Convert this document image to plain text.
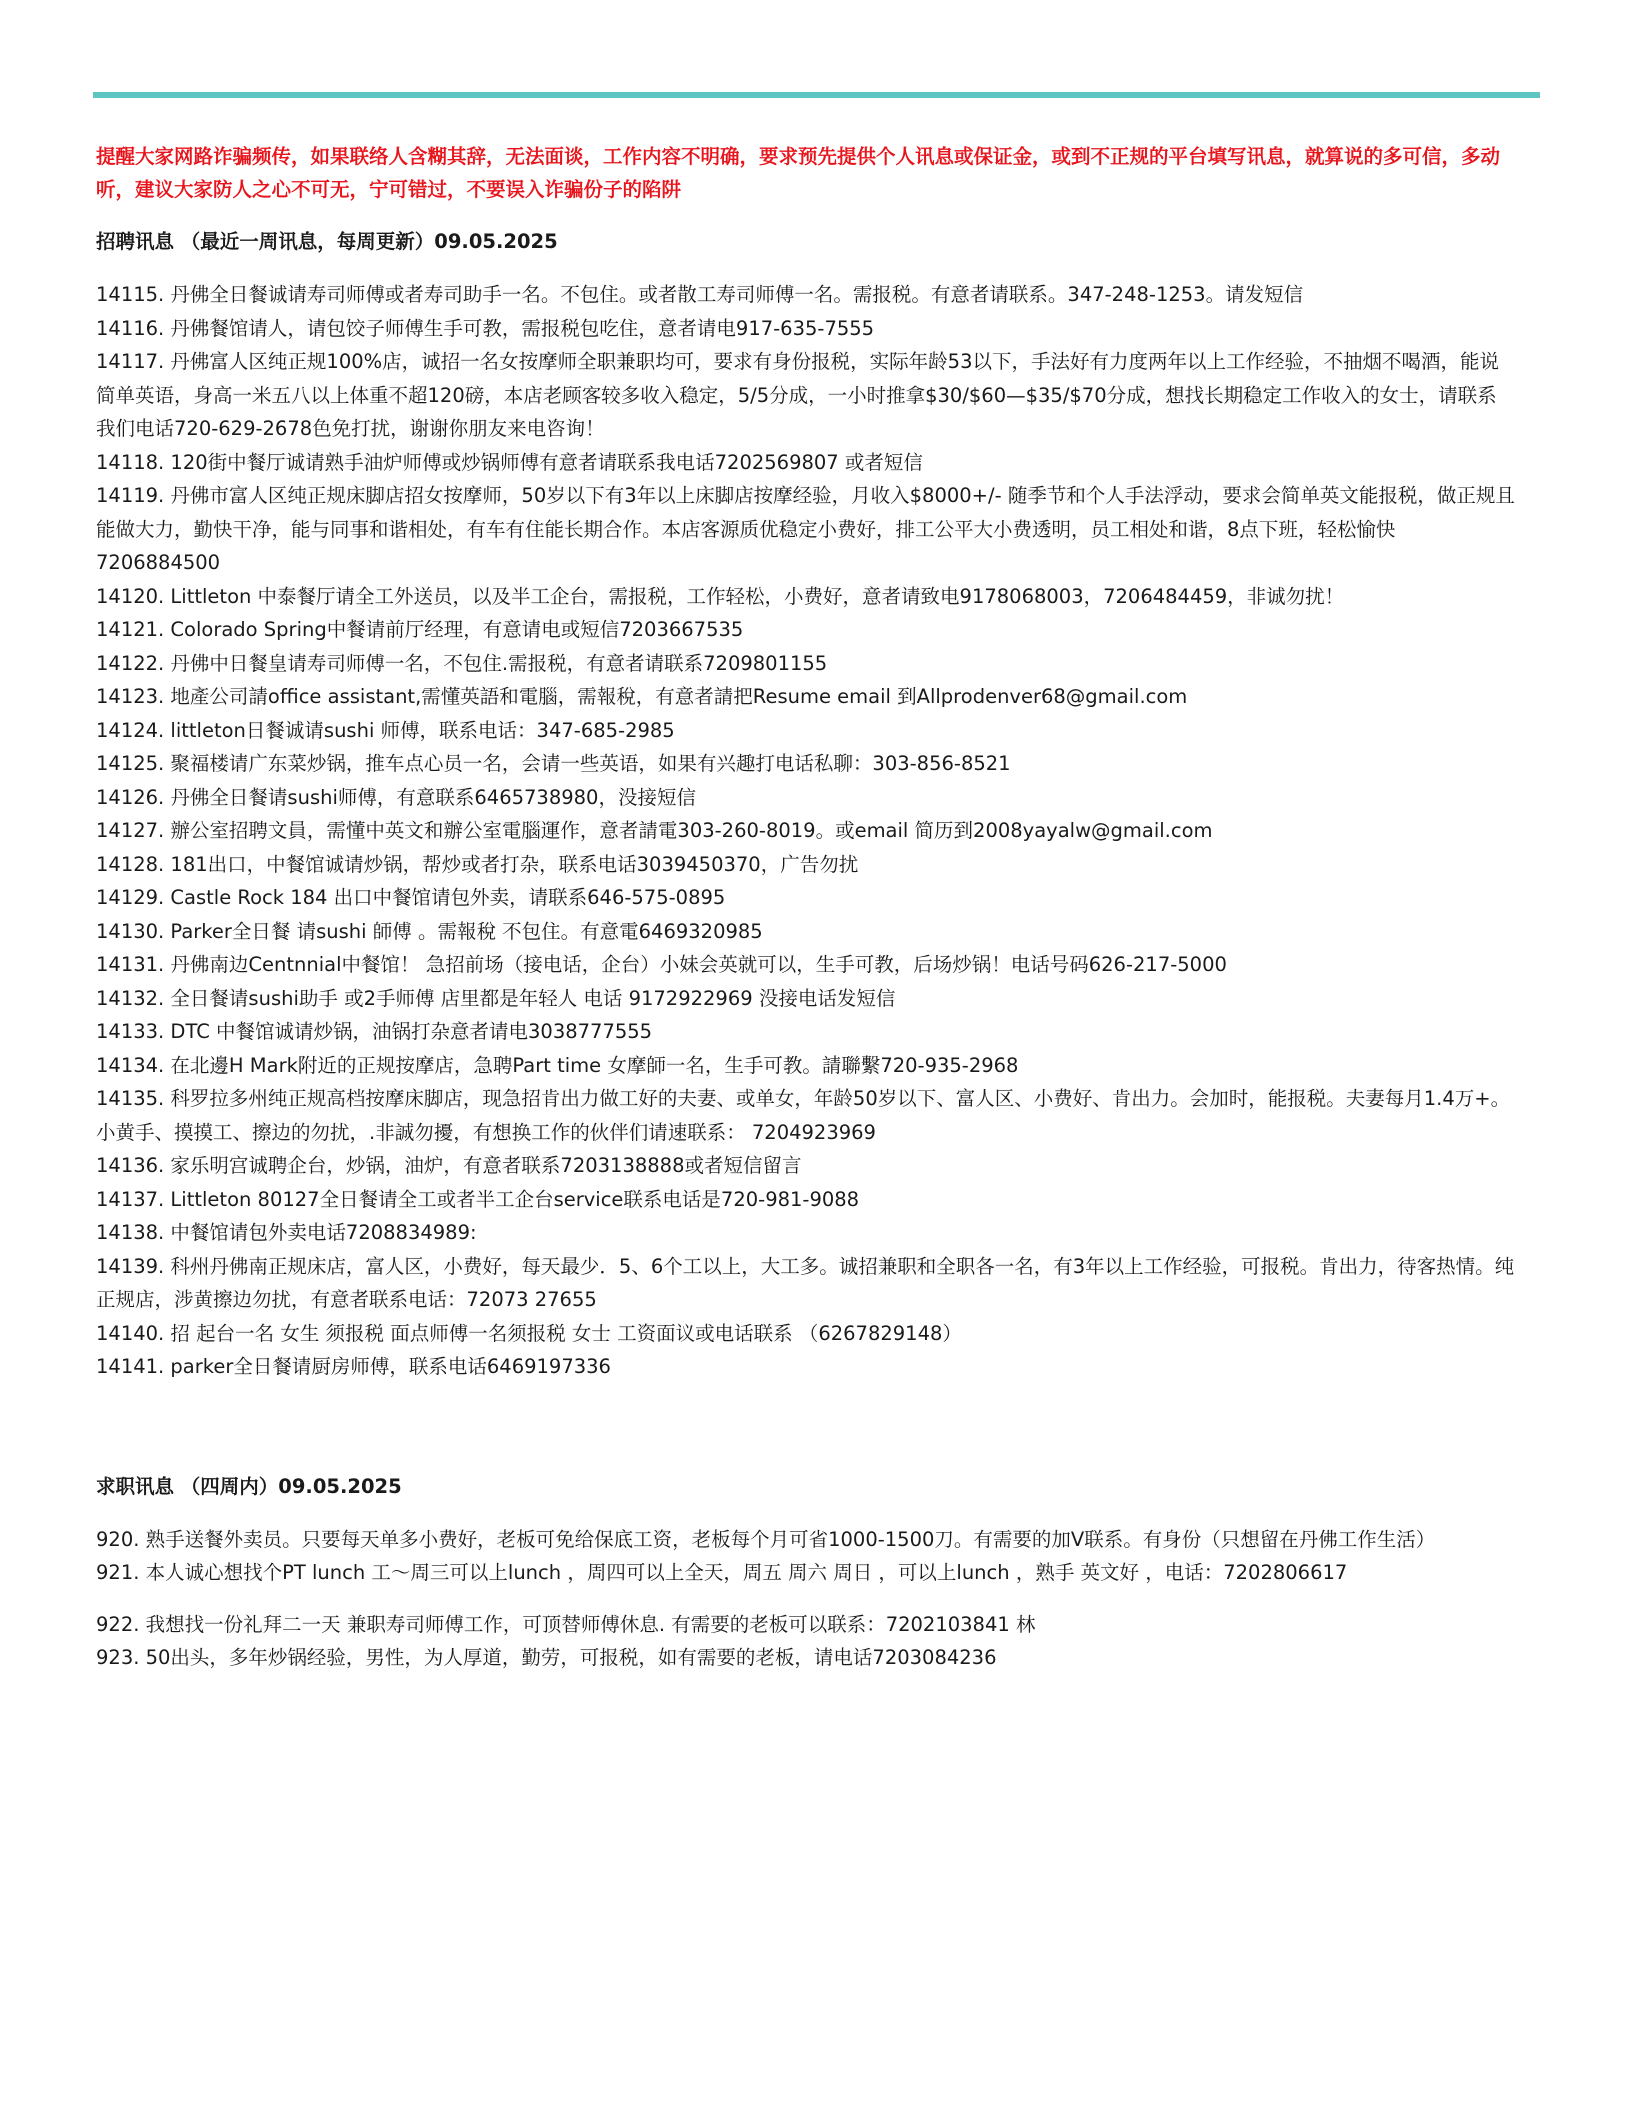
提醒大家网路诈骗频传，如果联络人含糊其辞，无法面谈，工作内容不明确，要求预先提供个人讯息或保证金，或到不正规的平台填写讯息，就算说的多可信，多动听，建议大家防人之心不可无，宁可错过，不要误入诈骗份子的陷阱

招聘讯息 （最近一周讯息，每周更新）09.05.2025
14115. 丹佛全日餐诚请寿司师傅或者寿司助手一名。不包住。或者散工寿司师傅一名。需报税。有意者请联系。347-248-1253。请发短信
14116. 丹佛餐馆请人，请包饺子师傅生手可教，需报税包吃住，意者请电917-635-7555
14117. 丹佛富人区纯正规100%店，诚招一名女按摩师全职兼职均可，要求有身份报税，实际年龄53以下，手法好有力度两年以上工作经验，不抽烟不喝酒，能说简单英语，身高一米五八以上体重不超120磅，本店老顾客较多收入稳定，5/5分成，一小时推拿$30/$60—$35/$70分成，想找长期稳定工作收入的女士，请联系我们电话720-629-2678色免打扰，谢谢你朋友来电咨询！
14118. 120街中餐厅诚请熟手油炉师傅或炒锅师傅有意者请联系我电话7202569807 或者短信
14119. 丹佛市富人区纯正规床脚店招女按摩师，50岁以下有3年以上床脚店按摩经验，月收入$8000+/- 随季节和个人手法浮动，要求会简单英文能报税，做正规且能做大力，勤快干净，能与同事和谐相处，有车有住能长期合作。本店客源质优稳定小费好，排工公平大小费透明，员工相处和谐，8点下班，轻松愉快7206884500
14120. Littleton 中泰餐厅请全工外送员，以及半工企台，需报税，工作轻松，小费好，意者请致电9178068003，7206484459，非诚勿扰！
14121. Colorado Spring中餐请前厅经理，有意请电或短信7203667535
14122. 丹佛中日餐皇请寿司师傅一名，不包住.需报税，有意者请联系7209801155
14123. 地產公司請office assistant,需懂英語和電腦，需報稅，有意者請把Resume email 到Allprodenver68@gmail.com
14124. littleton日餐诚请sushi 师傅，联系电话：347-685-2985
14125. 聚福楼请广东菜炒锅，推车点心员一名，会请一些英语，如果有兴趣打电话私聊：303-856-8521
14126. 丹佛全日餐请sushi师傅，有意联系6465738980，没接短信
14127. 辦公室招聘文員，需懂中英文和辦公室電腦運作，意者請電303-260-8019。或email 简历到2008yayalw@gmail.com
14128. 181出口，中餐馆诚请炒锅，帮炒或者打杂，联系电话3039450370，广告勿扰
14129. Castle Rock 184 出口中餐馆请包外卖，请联系646-575-0895
14130. Parker全日餐 请sushi 師傅 。需報稅 不包住。有意電6469320985
14131. 丹佛南边Centnnial中餐馆！ 急招前场（接电话，企台）小妹会英就可以，生手可教，后场炒锅！电话号码626-217-5000
14132. 全日餐请sushi助手 或2手师傅 店里都是年轻人 电话 9172922969 没接电话发短信
14133. DTC 中餐馆诚请炒锅，油锅打杂意者请电3038777555
14134. 在北邊H Mark附近的正规按摩店，急聘Part time 女摩師一名，生手可教。請聯繫720-935-2968
14135. 科罗拉多州纯正规高档按摩床脚店，现急招肯出力做工好的夫妻、或单女，年龄50岁以下、富人区、小费好、肯出力。会加时，能报税。夫妻每月1.4万+。小黄手、摸摸工、擦边的勿扰，.非誠勿擾，有想换工作的伙伴们请速联系： 7204923969
14136. 家乐明宫诚聘企台，炒锅，油炉，有意者联系7203138888或者短信留言
14137. Littleton 80127全日餐请全工或者半工企台service联系电话是720-981-9088
14138. 中餐馆请包外卖电话7208834989:
14139. 科州丹佛南正规床店，富人区，小费好，每天最少．5、6个工以上，大工多。诚招兼职和全职各一名，有3年以上工作经验，可报税。肯出力，待客热情。纯正规店，涉黄擦边勿扰，有意者联系电话：72073 27655
14140. 招 起台一名 女生 须报税 面点师傅一名须报税 女士 工资面议或电话联系 （6267829148）
14141. parker全日餐请厨房师傅，联系电话6469197336
求职讯息 （四周内）09.05.2025
920. 熟手送餐外卖员。只要每天单多小费好，老板可免给保底工资，老板每个月可省1000-1500刀。有需要的加V联系。有身份（只想留在丹佛工作生活）
921. 本人诚心想找个PT lunch 工～周三可以上lunch ，周四可以上全天，周五 周六 周日 ，可以上lunch ，熟手 英文好 ，电话：7202806617
922. 我想找一份礼拜二一天 兼职寿司师傅工作，可顶替师傅休息. 有需要的老板可以联系：7202103841 林
923. 50出头，多年炒锅经验，男性，为人厚道，勤劳，可报税，如有需要的老板，请电话7203084236
